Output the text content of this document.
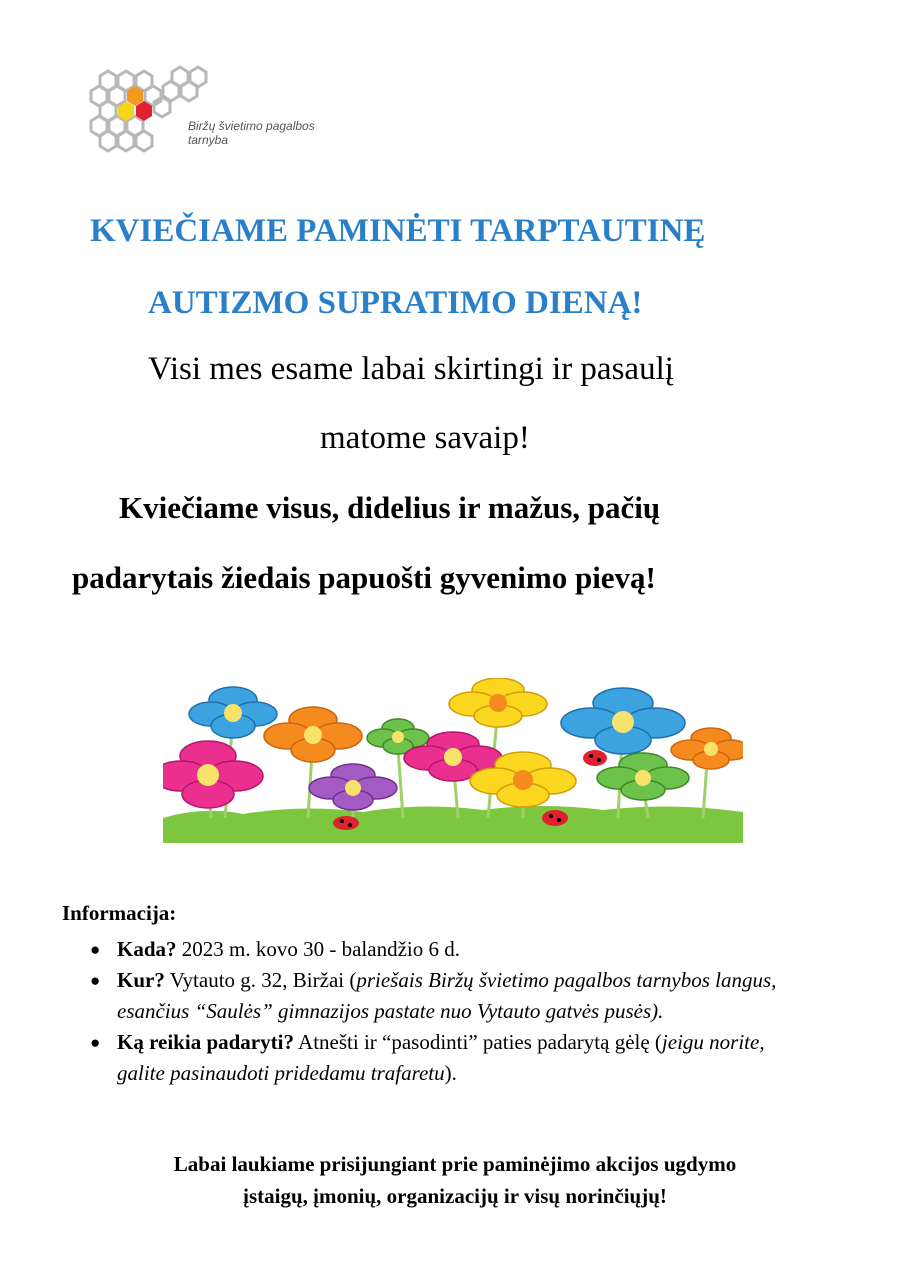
Biržų švietimo pagalbos
tarnyba
KVIEČIAME PAMINĖTI TARPTAUTINĘ
AUTIZMO SUPRATIMO DIENĄ!
Visi mes esame labai skirtingi ir pasaulį
matome savaip!
Kviečiame visus, didelius ir mažus, pačių
padarytais žiedais papuošti gyvenimo pievą!
Informacija:
● Kada? 2023 m. kovo 30 - balandžio 6 d.
● Kur? Vytauto g. 32, Biržai (priešais Biržų švietimo pagalbos tarnybos langus, esančius “Saulės” gimnazijos pastate nuo Vytauto gatvės pusės).
● Ką reikia padaryti? Atnešti ir “pasodinti” paties padarytą gėlę (jeigu norite, galite pasinaudoti pridedamu trafaretu).
Labai laukiame prisijungiant prie paminėjimo akcijos ugdymo
įstaigų, įmonių, organizacijų ir visų norinčiųjų!
